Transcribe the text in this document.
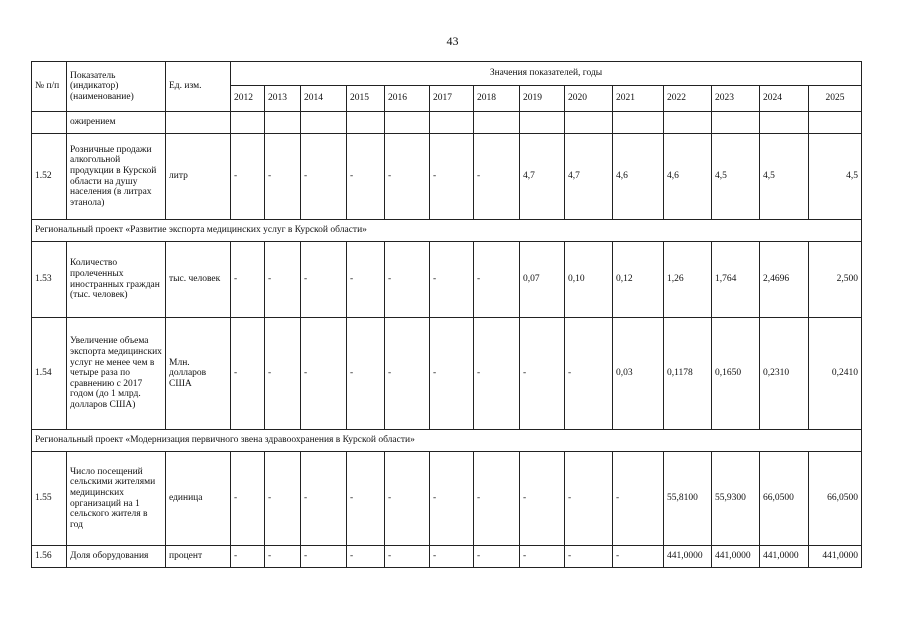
43
№ п/п	Показатель (индикатор) (наименование)	Ед. изм.	Значения показателей, годы													
			2012	2013	2014	2015	2016	2017	2018	2019	2020	2021	2022	2023	2024	2025
	ожирением															
1.52	Розничные продажи алкогольной продукции в Курской области на душу населения (в литрах этанола)	литр	-	-	-	-	-	-	-	4,7	4,7	4,6	4,6	4,5	4,5	4,5
Региональный проект «Развитие экспорта медицинских услуг в Курской области»																
1.53	Количество пролеченных иностранных граждан (тыс. человек)	тыс. человек	-	-	-	-	-	-	-	0,07	0,10	0,12	1,26	1,764	2,4696	2,500
1.54	Увеличение объема экспорта медицинских услуг не менее чем в четыре раза по сравнению с 2017 годом (до 1 млрд. долларов США)	Млн. долларов США	-	-	-	-	-	-	-	-	-	0,03	0,1178	0,1650	0,2310	0,2410
Региональный проект «Модернизация первичного звена здравоохранения в Курской области»																
1.55	Число посещений сельскими жителями медицинских организаций на 1 сельского жителя в год	единица	-	-	-	-	-	-	-	-	-	-	55,8100	55,9300	66,0500	66,0500
1.56	Доля оборудования	процент	-	-	-	-	-	-	-	-	-	-	441,0000	441,0000	441,0000	441,0000
